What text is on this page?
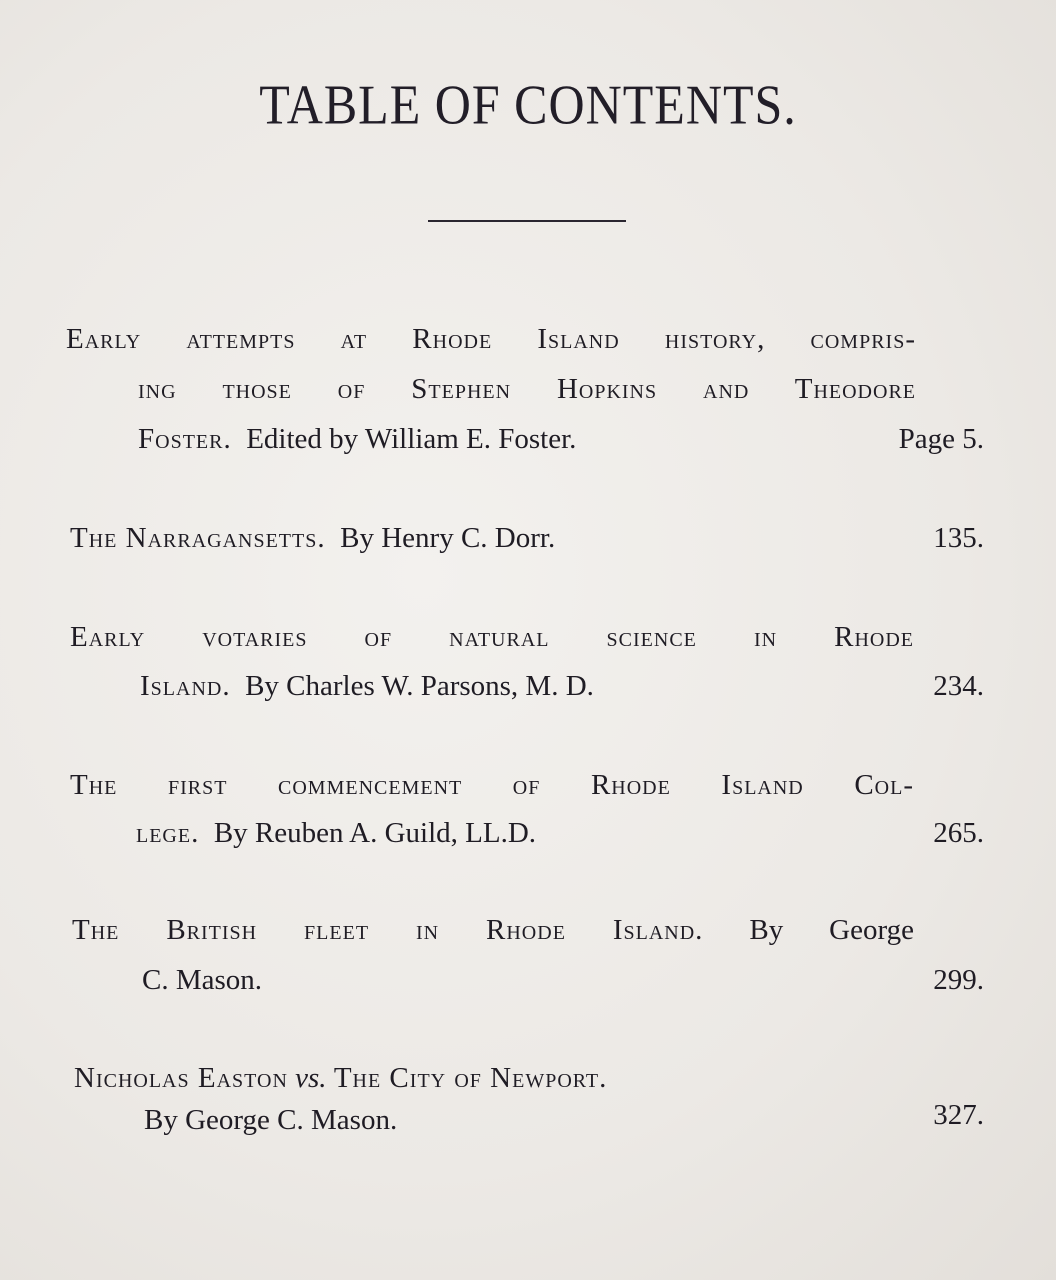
TABLE OF CONTENTS.
Early attempts at Rhode Island history, compris-
ing those of Stephen Hopkins and Theodore
Foster. Edited by William E. Foster.	Page 5.
The Narragansetts. By Henry C. Dorr.	135.
Early votaries of natural science in Rhode
Island. By Charles W. Parsons, M. D.	234.
The first commencement of Rhode Island Col-
lege. By Reuben A. Guild, LL.D.	265.
The British fleet in Rhode Island. By George
C. Mason.	299.
Nicholas Easton vs. The City of Newport.
By George C. Mason.	327.
